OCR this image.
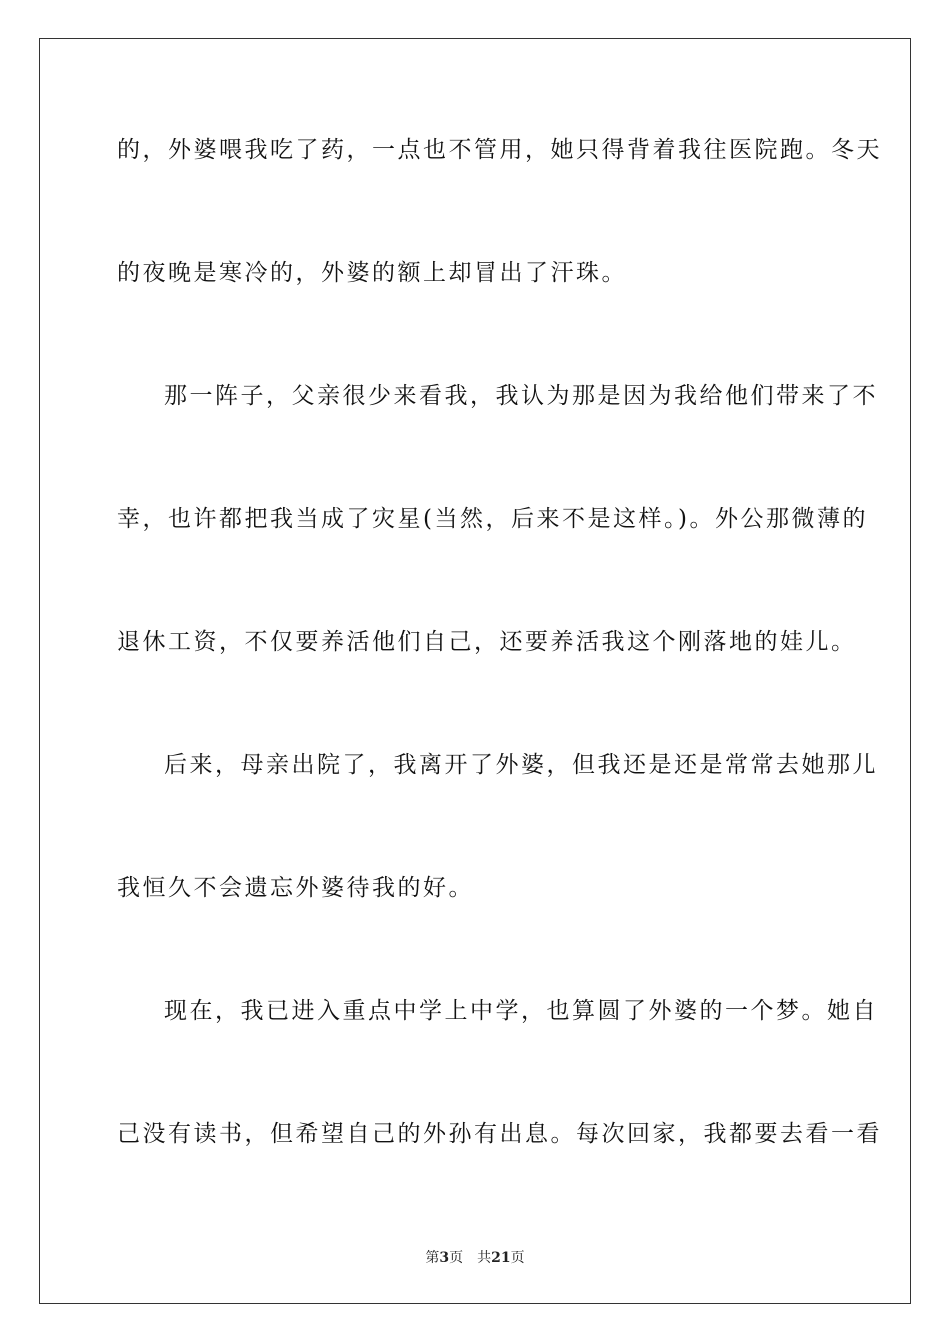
的，外婆喂我吃了药，一点也不管用，她只得背着我往医院跑。冬天
的夜晚是寒冷的，外婆的额上却冒出了汗珠。
那一阵子，父亲很少来看我，我认为那是因为我给他们带来了不
幸，也许都把我当成了灾星(当然，后来不是这样。)。外公那微薄的
退休工资，不仅要养活他们自己，还要养活我这个刚落地的娃儿。
后来，母亲出院了，我离开了外婆，但我还是还是常常去她那儿
我恒久不会遗忘外婆待我的好。
现在，我已进入重点中学上中学，也算圆了外婆的一个梦。她自
己没有读书，但希望自己的外孙有出息。每次回家，我都要去看一看
第3页 共21页
